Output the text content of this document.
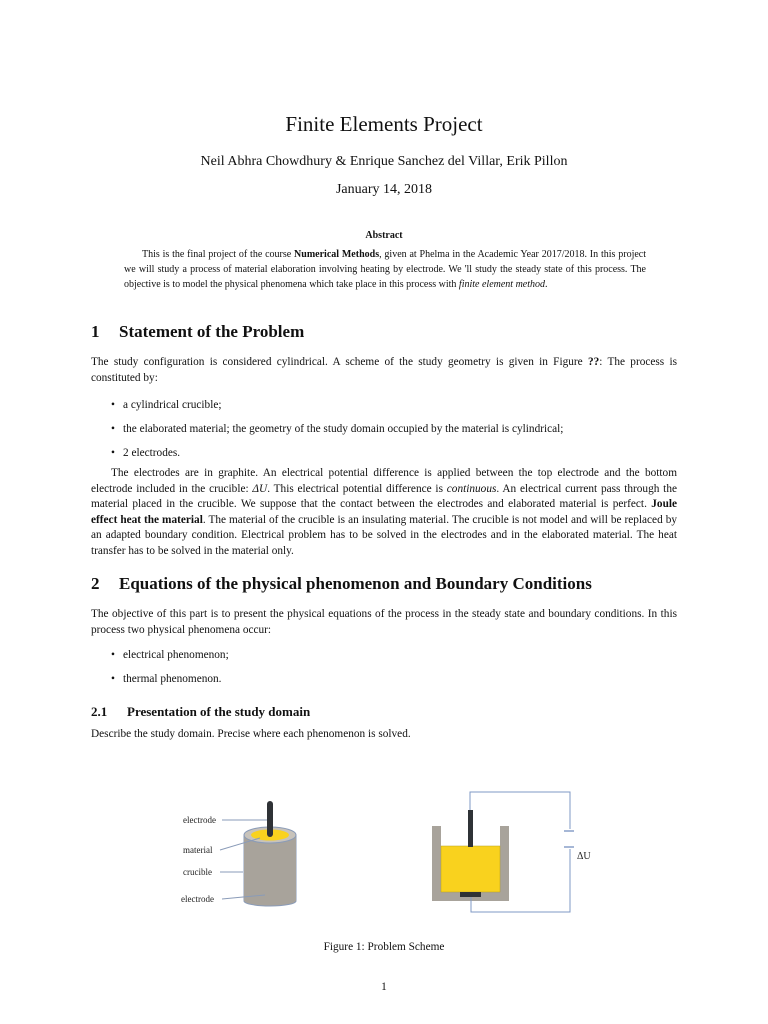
Finite Elements Project
Neil Abhra Chowdhury & Enrique Sanchez del Villar, Erik Pillon
January 14, 2018
Abstract
This is the final project of the course Numerical Methods, given at Phelma in the Academic Year 2017/2018. In this project we will study a process of material elaboration involving heating by electrode. We 'll study the steady state of this process. The objective is to model the physical phenomena which take place in this process with finite element method.
1 Statement of the Problem
The study configuration is considered cylindrical. A scheme of the study geometry is given in Figure ??: The process is constituted by:
• a cylindrical crucible;
• the elaborated material; the geometry of the study domain occupied by the material is cylindrical;
• 2 electrodes.
The electrodes are in graphite. An electrical potential difference is applied between the top electrode and the bottom electrode included in the crucible: ΔU. This electrical potential difference is continuous. An electrical current pass through the material placed in the crucible. We suppose that the contact between the electrodes and elaborated material is perfect. Joule effect heat the material. The material of the crucible is an insulating material. The crucible is not model and will be replaced by an adapted boundary condition. Electrical problem has to be solved in the electrodes and in the elaborated material. The heat transfer has to be solved in the material only.
2 Equations of the physical phenomenon and Boundary Conditions
The objective of this part is to present the physical equations of the process in the steady state and boundary conditions. In this process two physical phenomena occur:
• electrical phenomenon;
• thermal phenomenon.
2.1 Presentation of the study domain
Describe the study domain. Precise where each phenomenon is solved.
electrode
material
crucible
electrode
ΔU
Figure 1: Problem Scheme
1
